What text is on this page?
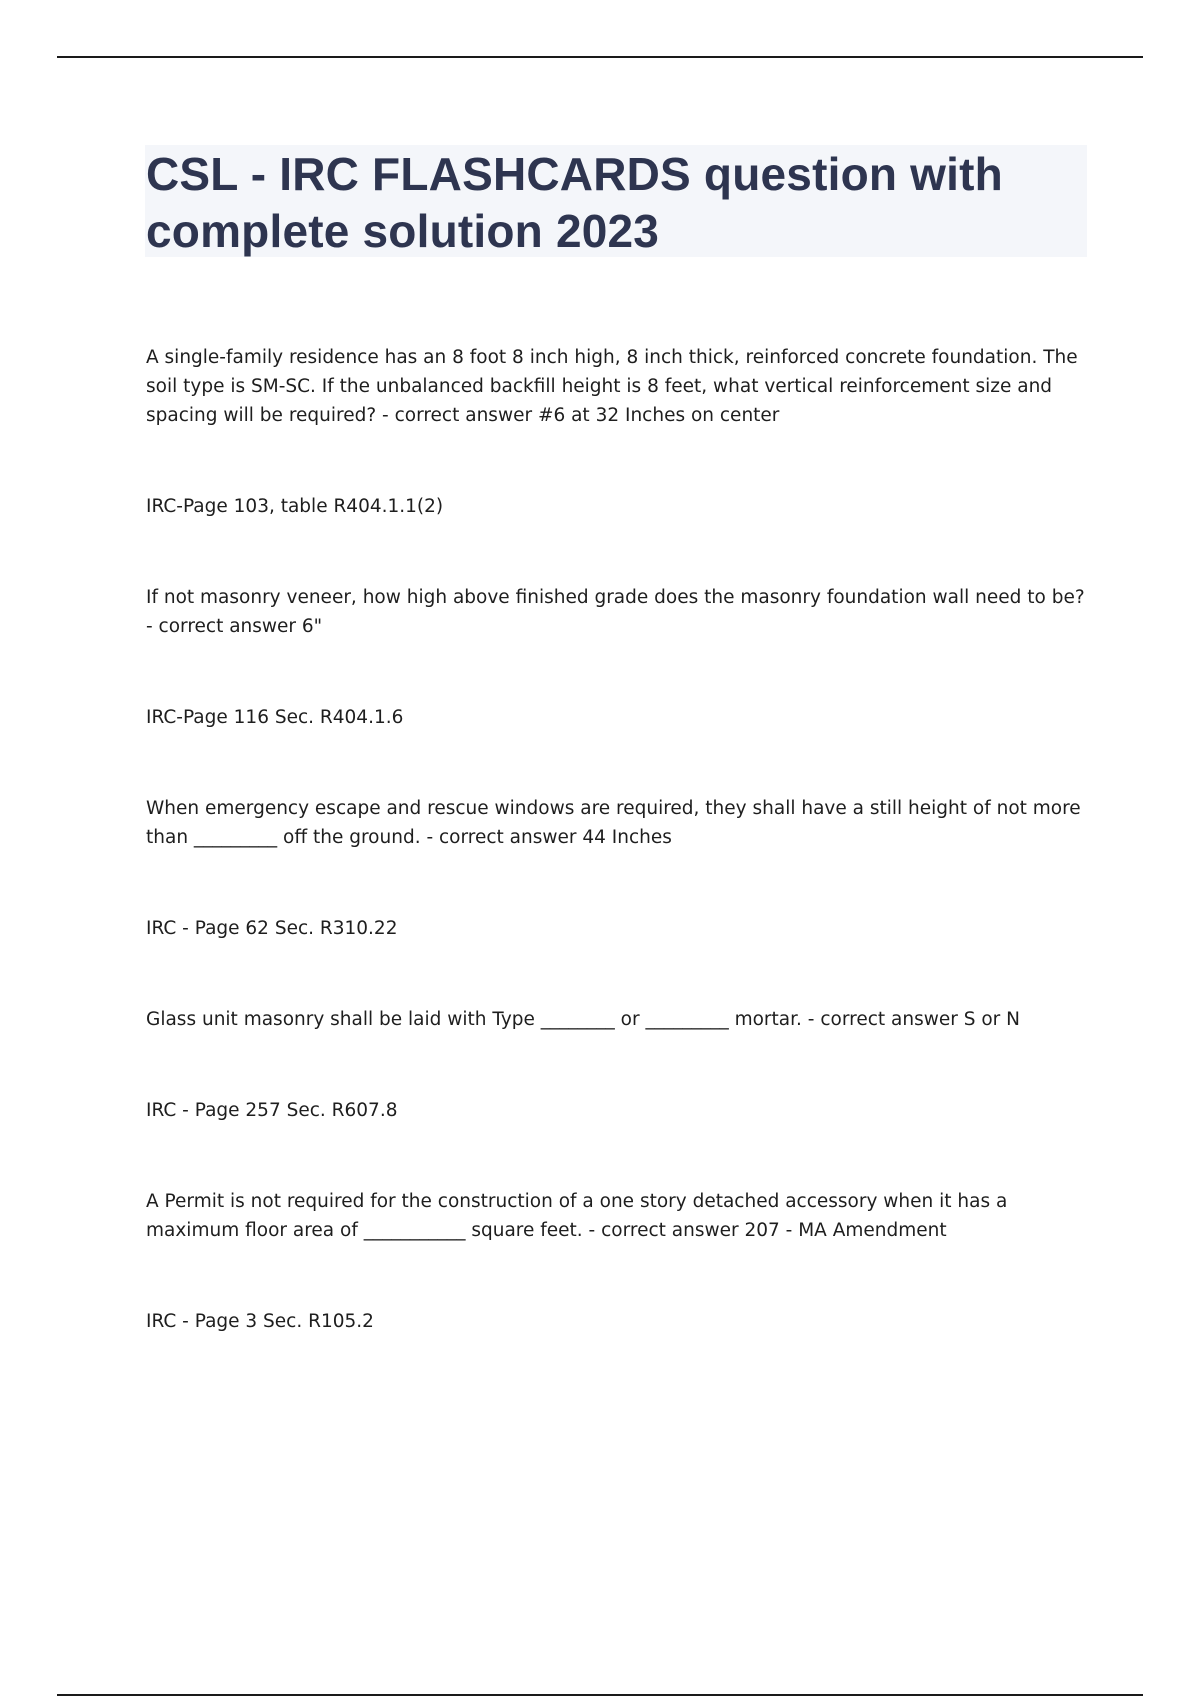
CSL - IRC FLASHCARDS question with complete solution 2023

A single-family residence has an 8 foot 8 inch high, 8 inch thick, reinforced concrete foundation. The soil type is SM-SC. If the unbalanced backfill height is 8 feet, what vertical reinforcement size and spacing will be required? - correct answer #6 at 32 Inches on center

IRC-Page 103, table R404.1.1(2)

If not masonry veneer, how high above finished grade does the masonry foundation wall need to be? - correct answer 6"

IRC-Page 116 Sec. R404.1.6

When emergency escape and rescue windows are required, they shall have a still height of not more than _________ off the ground. - correct answer 44 Inches

IRC - Page 62 Sec. R310.22

Glass unit masonry shall be laid with Type ________ or _________ mortar. - correct answer S or N

IRC - Page 257 Sec. R607.8

A Permit is not required for the construction of a one story detached accessory when it has a maximum floor area of ___________ square feet. - correct answer 207 - MA Amendment

IRC - Page 3 Sec. R105.2
